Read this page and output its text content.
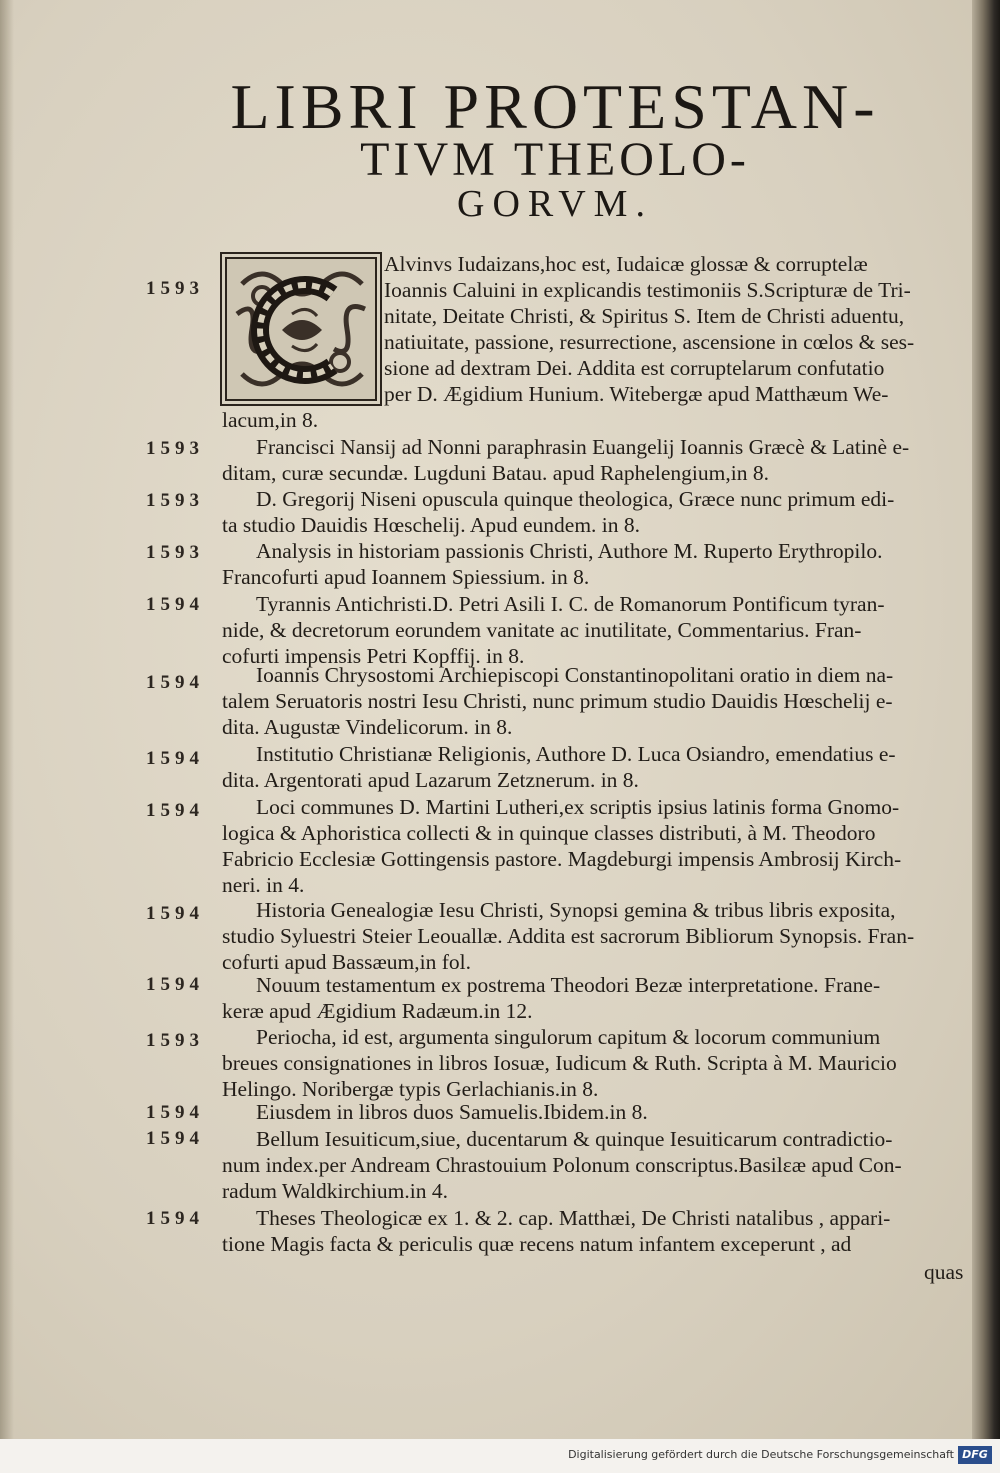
LIBRI PROTESTAN-
TIVM THEOLO-
GORVM.
1593
Alvinvs Iudaizans,hoc est, Iudaicæ glossæ & corruptelæ
Ioannis Caluini in explicandis testimoniis S.Scripturæ de Tri-
nitate, Deitate Christi, & Spiritus S. Item de Christi aduentu,
natiuitate, passione, resurrectione, ascensione in cœlos & ses-
sione ad dextram Dei. Addita est corruptelarum confutatio
per D. Ægidium Hunium. Witebergæ apud Matthæum We-
lacum,in 8.
1593	Francisci Nansij ad Nonni paraphrasin Euangelij Ioannis Græcè & Latinè e-
ditam, curæ secundæ. Lugduni Batau. apud Raphelengium,in 8.
1593	D. Gregorij Niseni opuscula quinque theologica, Græce nunc primum edi-
ta studio Dauidis Hœschelij. Apud eundem. in 8.
1593	Analysis in historiam passionis Christi, Authore M. Ruperto Erythropilo.
Francofurti apud Ioannem Spiessium. in 8.
1594	Tyrannis Antichristi.D. Petri Asili I. C. de Romanorum Pontificum tyran-
nide, & decretorum eorundem vanitate ac inutilitate, Commentarius. Fran-
cofurti impensis Petri Kopffij. in 8.
1594	Ioannis Chrysostomi Archiepiscopi Constantinopolitani oratio in diem na-
talem Seruatoris nostri Iesu Christi, nunc primum studio Dauidis Hœschelij e-
dita. Augustæ Vindelicorum. in 8.
1594	Institutio Christianæ Religionis, Authore D. Luca Osiandro, emendatius e-
dita. Argentorati apud Lazarum Zetznerum. in 8.
1594	Loci communes D. Martini Lutheri,ex scriptis ipsius latinis forma Gnomo-
logica & Aphoristica collecti & in quinque classes distributi, à M. Theodoro
Fabricio Ecclesiæ Gottingensis pastore. Magdeburgi impensis Ambrosij Kirch-
neri. in 4.
1594	Historia Genealogiæ Iesu Christi, Synopsi gemina & tribus libris exposita,
studio Syluestri Steier Leouallæ. Addita est sacrorum Bibliorum Synopsis. Fran-
cofurti apud Bassæum,in fol.
1594	Nouum testamentum ex postrema Theodori Bezæ interpretatione. Frane-
keræ apud Ægidium Radæum.in 12.
1593	Periocha, id est, argumenta singulorum capitum & locorum communium
breues consignationes in libros Iosuæ, Iudicum & Ruth. Scripta à M. Mauricio
Helingo. Noribergæ typis Gerlachianis.in 8.
1594	Eiusdem in libros duos Samuelis.Ibidem.in 8.
1594	Bellum Iesuiticum,siue, ducentarum & quinque Iesuiticarum contradictio-
num index.per Andream Chrastouium Polonum conscriptus.Basilεæ apud Con-
radum Waldkirchium.in 4.
1594	Theses Theologicæ ex 1. & 2. cap. Matthæi, De Christi natalibus , appari-
tione Magis facta & periculis quæ recens natum infantem exceperunt , ad
quas
Digitalisierung gefördert durch die Deutsche Forschungsgemeinschaft DFG
